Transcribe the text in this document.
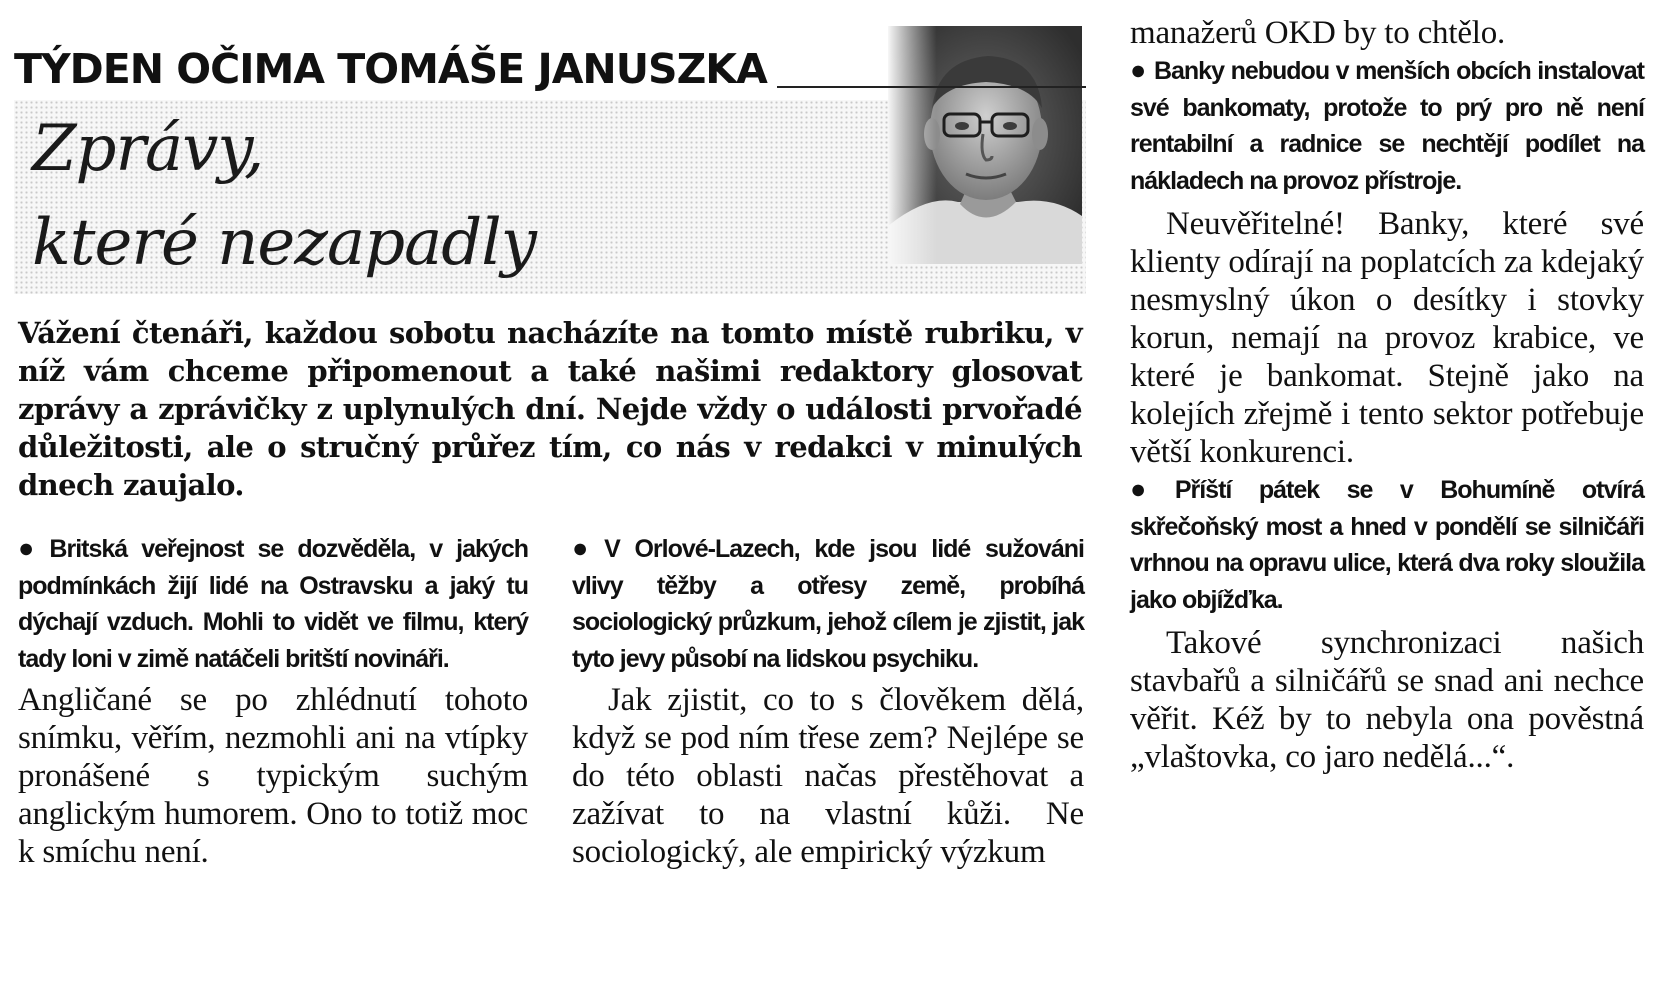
TÝDEN OČIMA TOMÁŠE JANUSZKA
Zprávy,
které nezapadly

Vážení čtenáři, každou sobotu nacházíte na tomto místě rubriku, v níž vám chceme připomenout a také našimi redaktory glosovat zprávy a zprávičky z uplynulých dní. Nejde vždy o události prvořadé důležitosti, ale o stručný průřez tím, co nás v redakci v minulých dnech zaujalo.

● Britská veřejnost se dozvěděla, v jakých podmínkách žijí lidé na Ostravsku a jaký tu dýchají vzduch. Mohli to vidět ve filmu, který tady loni v zimě natáčeli britští novináři.

Angličané se po zhlédnutí tohoto snímku, věřím, nezmohli ani na vtípky pronášené s typickým suchým anglickým humorem. Ono to totiž moc k smíchu není.

● V Orlové-Lazech, kde jsou lidé sužováni vlivy těžby a otřesy země, probíhá sociologický průzkum, jehož cílem je zjistit, jak tyto jevy působí na lidskou psychiku.

Jak zjistit, co to s člověkem dělá, když se pod ním třese zem? Nejlépe se do této oblasti načas přestěhovat a zažívat to na vlastní kůži. Ne sociologický, ale empirický výzkum

manažerů OKD by to chtělo.

● Banky nebudou v menších obcích instalovat své bankomaty, protože to prý pro ně není rentabilní a radnice se nechtějí podílet na nákladech na provoz přístroje.

Neuvěřitelné! Banky, které své klienty odírají na poplatcích za kdejaký nesmyslný úkon o desítky i stovky korun, nemají na provoz krabice, ve které je bankomat. Stejně jako na kolejích zřejmě i tento sektor potřebuje větší konkurenci.

● Příští pátek se v Bohumíně otvírá skřečoňský most a hned v pondělí se silničáři vrhnou na opravu ulice, která dva roky sloužila jako objížďka.

Takové synchronizaci našich stavbařů a silničářů se snad ani nechce věřit. Kéž by to nebyla ona pověstná „vlaštovka, co jaro nedělá...“.
